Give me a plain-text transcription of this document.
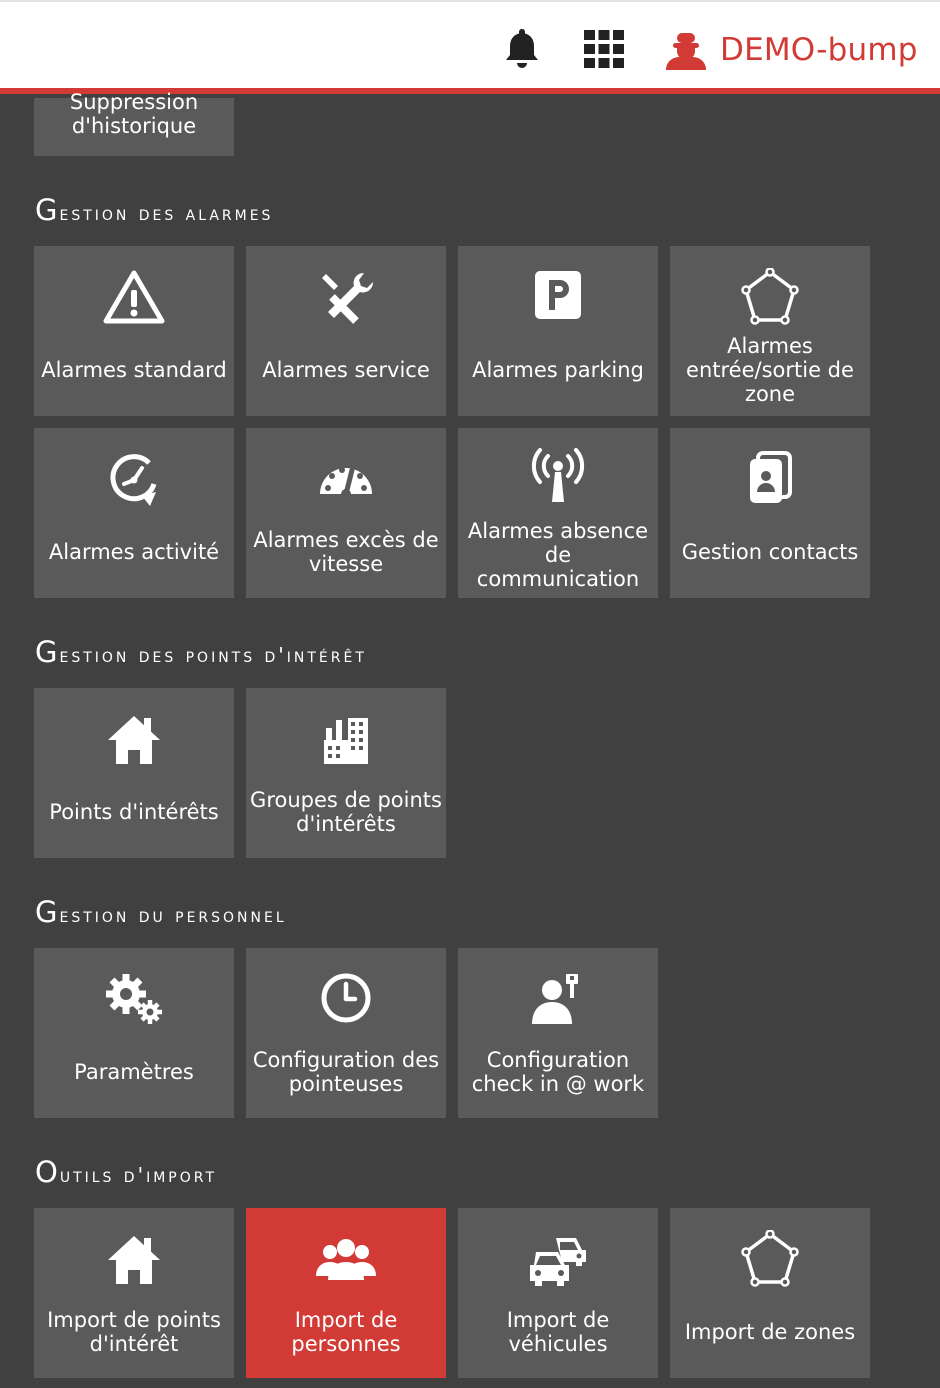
DEMO-bump
Suppression d'historique
Gestion des alarmes
Alarmes standard	Alarmes service	Alarmes parking
Alarmes entrée/sortie de zone
Alarmes activité	Alarmes excès de vitesse
Alarmes absence de communication
Gestion contacts
Gestion des points d'intérêt
Points d'intérêts	Groupes de points d'intérêts
Gestion du personnel
Paramètres	Configuration des pointeuses
Configuration check in @ work
Outils d'import
Import de points d'intérêt
Import de personnes
Import de véhicules	Import de zones
